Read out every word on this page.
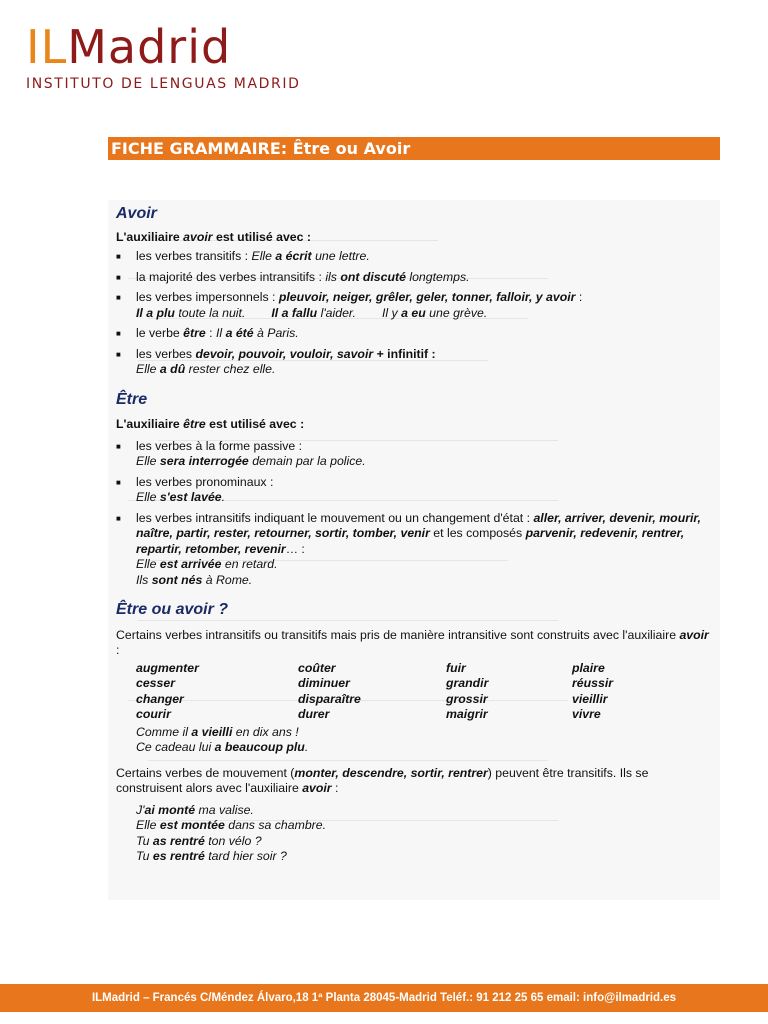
ILMadrid
INSTITUTO DE LENGUAS MADRID
FICHE GRAMMAIRE: Être ou Avoir
Avoir

L'auxiliaire avoir est utilisé avec :

■ les verbes transitifs : Elle a écrit une lettre.
■ la majorité des verbes intransitifs : ils ont discuté longtemps.
■ les verbes impersonnels : pleuvoir, neiger, grêler, geler, tonner, falloir, y avoir :
Il a plu toute la nuit. Il a fallu l'aider. Il y a eu une grève.
■ le verbe être : Il a été à Paris.
■ les verbes devoir, pouvoir, vouloir, savoir + infinitif :
Elle a dû rester chez elle.
Être

L'auxiliaire être est utilisé avec :

■ les verbes à la forme passive :
Elle sera interrogée demain par la police.
■ les verbes pronominaux :
Elle s'est lavée.
■ les verbes intransitifs indiquant le mouvement ou un changement d'état : aller, arriver, devenir, mourir, naître, partir, rester, retourner, sortir, tomber, venir et les composés parvenir, redevenir, rentrer, repartir, retomber, revenir… :
Elle est arrivée en retard.
Ils sont nés à Rome.
Être ou avoir ?

Certains verbes intransitifs ou transitifs mais pris de manière intransitive sont construits avec l'auxiliaire avoir :

augmenter	coûter	fuir	plaire
cesser	diminuer	grandir	réussir
changer	disparaître	grossir	vieillir
courir	durer	maigrir	vivre
Comme il a vieilli en dix ans !
Ce cadeau lui a beaucoup plu.

Certains verbes de mouvement (monter, descendre, sortir, rentrer) peuvent être transitifs. Ils se construisent alors avec l'auxiliaire avoir :

J'ai monté ma valise.
Elle est montée dans sa chambre.
Tu as rentré ton vélo ?
Tu es rentré tard hier soir ?
ILMadrid – Francés C/Méndez Álvaro,18 1ª Planta 28045-Madrid Teléf.: 91 212 25 65 email: info@ilmadrid.es
